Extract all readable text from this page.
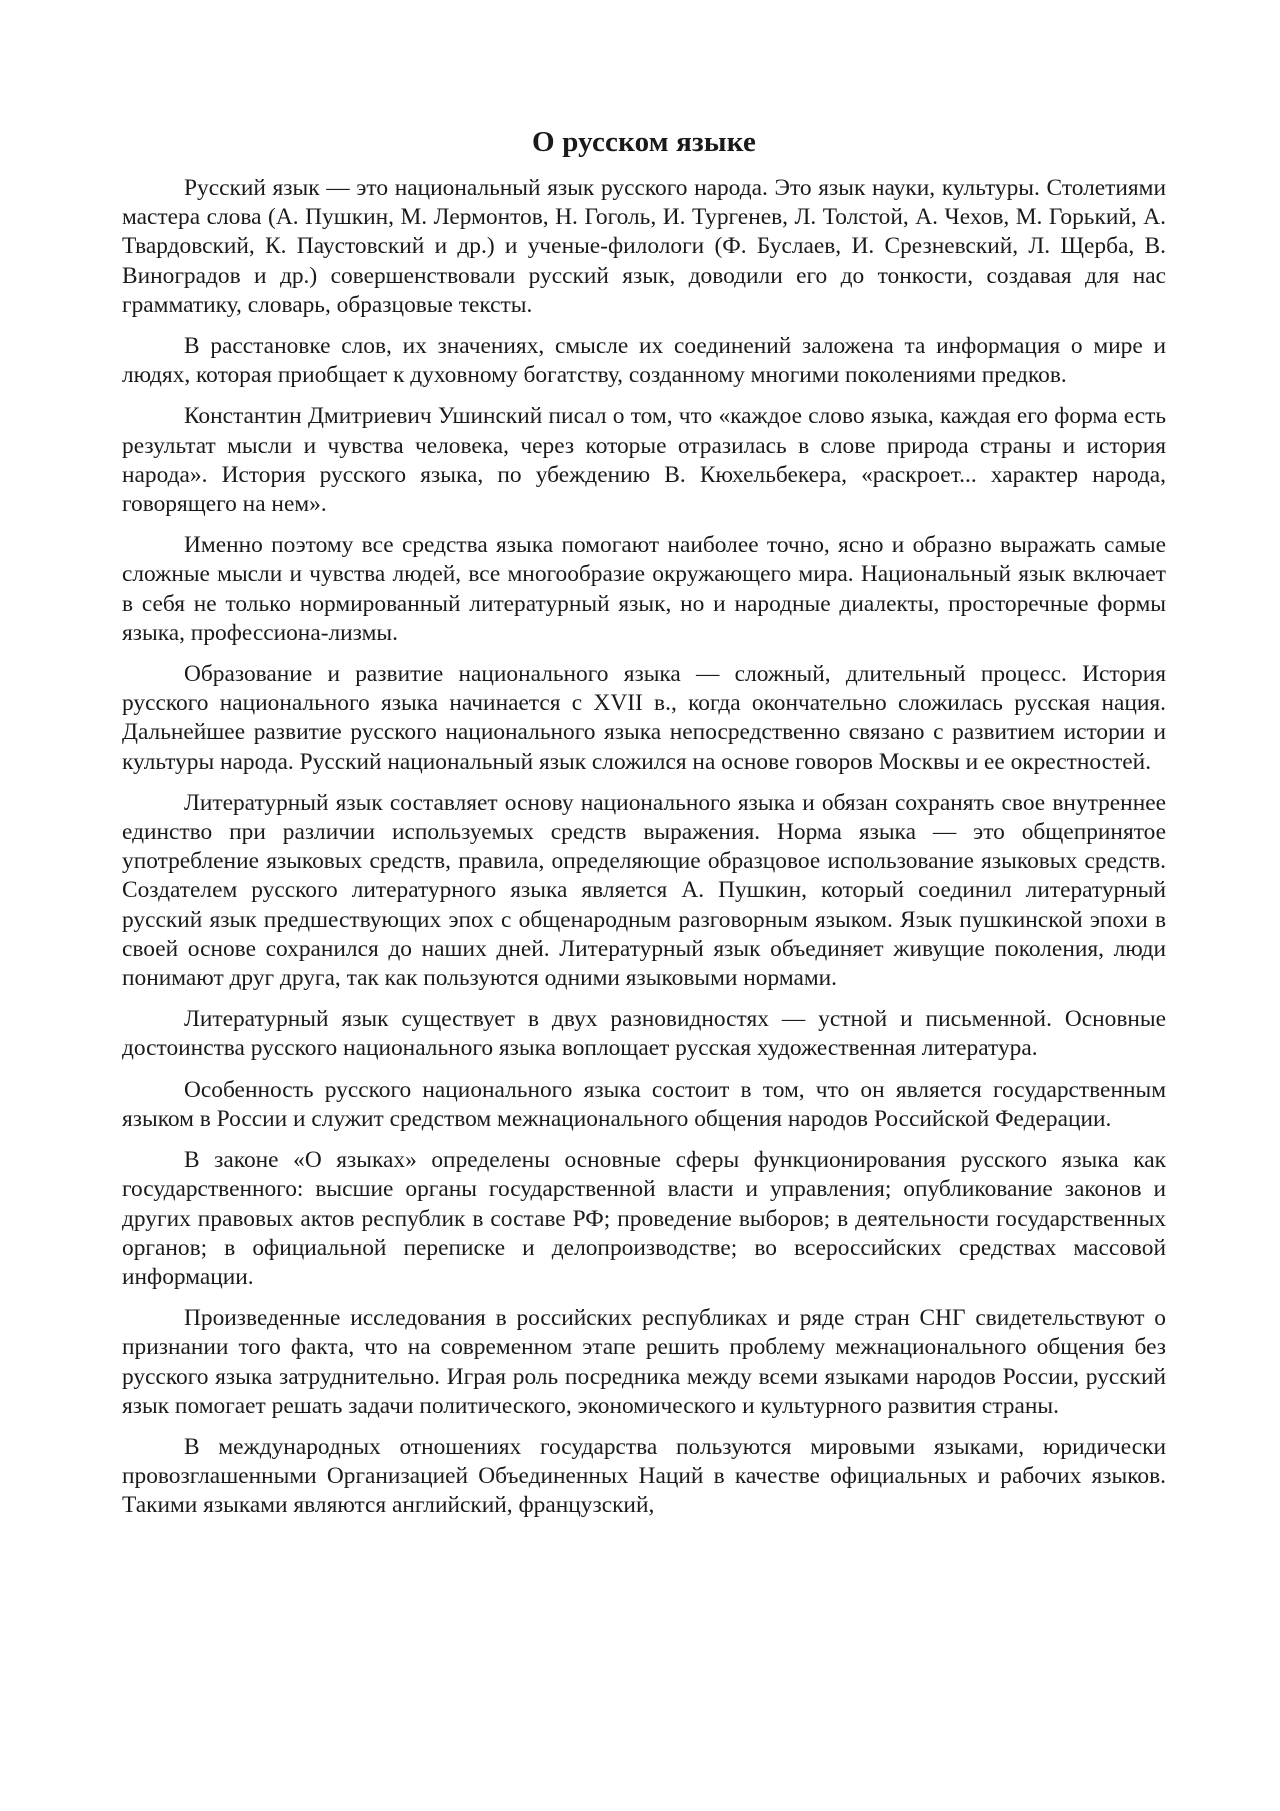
О русском языке

Русский язык — это национальный язык русского народа. Это язык науки, культуры. Столетиями мастера слова (А. Пушкин, М. Лермонтов, Н. Гоголь, И. Тургенев, Л. Толстой, А. Чехов, М. Горький, А. Твардовский, К. Паустовский и др.) и ученые-филологи (Ф. Буслаев, И. Срезневский, Л. Щерба, В. Виноградов и др.) совершенствовали русский язык, доводили его до тонкости, создавая для нас грамматику, словарь, образцовые тексты.

В расстановке слов, их значениях, смысле их соединений заложена та информация о мире и людях, которая приобщает к духовному богатству, созданному многими поколениями предков.

Константин Дмитриевич Ушинский писал о том, что «каждое слово языка, каждая его форма есть результат мысли и чувства человека, через которые отразилась в слове природа страны и история народа». История русского языка, по убеждению В. Кюхельбекера, «раскроет... характер народа, говорящего на нем».

Именно поэтому все средства языка помогают наиболее точно, ясно и образно выражать самые сложные мысли и чувства людей, все многообразие окружающего мира. Национальный язык включает в себя не только нормированный литературный язык, но и народные диалекты, просторечные формы языка, профессиона-лизмы.

Образование и развитие национального языка — сложный, длительный процесс. История русского национального языка начинается с XVII в., когда окончательно сложилась русская нация. Дальнейшее развитие русского национального языка непосредственно связано с развитием истории и культуры народа. Русский национальный язык сложился на основе говоров Москвы и ее окрестностей.

Литературный язык составляет основу национального языка и обязан сохранять свое внутреннее единство при различии используемых средств выражения. Норма языка — это общепринятое употребление языковых средств, правила, определяющие образцовое использование языковых средств. Создателем русского литературного языка является А. Пушкин, который соединил литературный русский язык предшествующих эпох с общенародным разговорным языком. Язык пушкинской эпохи в своей основе сохранился до наших дней. Литературный язык объединяет живущие поколения, люди понимают друг друга, так как пользуются одними языковыми нормами.

Литературный язык существует в двух разновидностях — устной и письменной. Основные достоинства русского национального языка воплощает русская художественная литература.

Особенность русского национального языка состоит в том, что он является государственным языком в России и служит средством межнационального общения народов Российской Федерации.

В законе «О языках» определены основные сферы функционирования русского языка как государственного: высшие органы государственной власти и управления; опубликование законов и других правовых актов республик в составе РФ; проведение выборов; в деятельности государственных органов; в официальной переписке и делопроизводстве; во всероссийских средствах массовой информации.

Произведенные исследования в российских республиках и ряде стран СНГ свидетельствуют о признании того факта, что на современном этапе решить проблему межнационального общения без русского языка затруднительно. Играя роль посредника между всеми языками народов России, русский язык помогает решать задачи политического, экономического и культурного развития страны.

В международных отношениях государства пользуются мировыми языками, юридически провозглашенными Организацией Объединенных Наций в качестве официальных и рабочих языков. Такими языками являются английский, французский,
